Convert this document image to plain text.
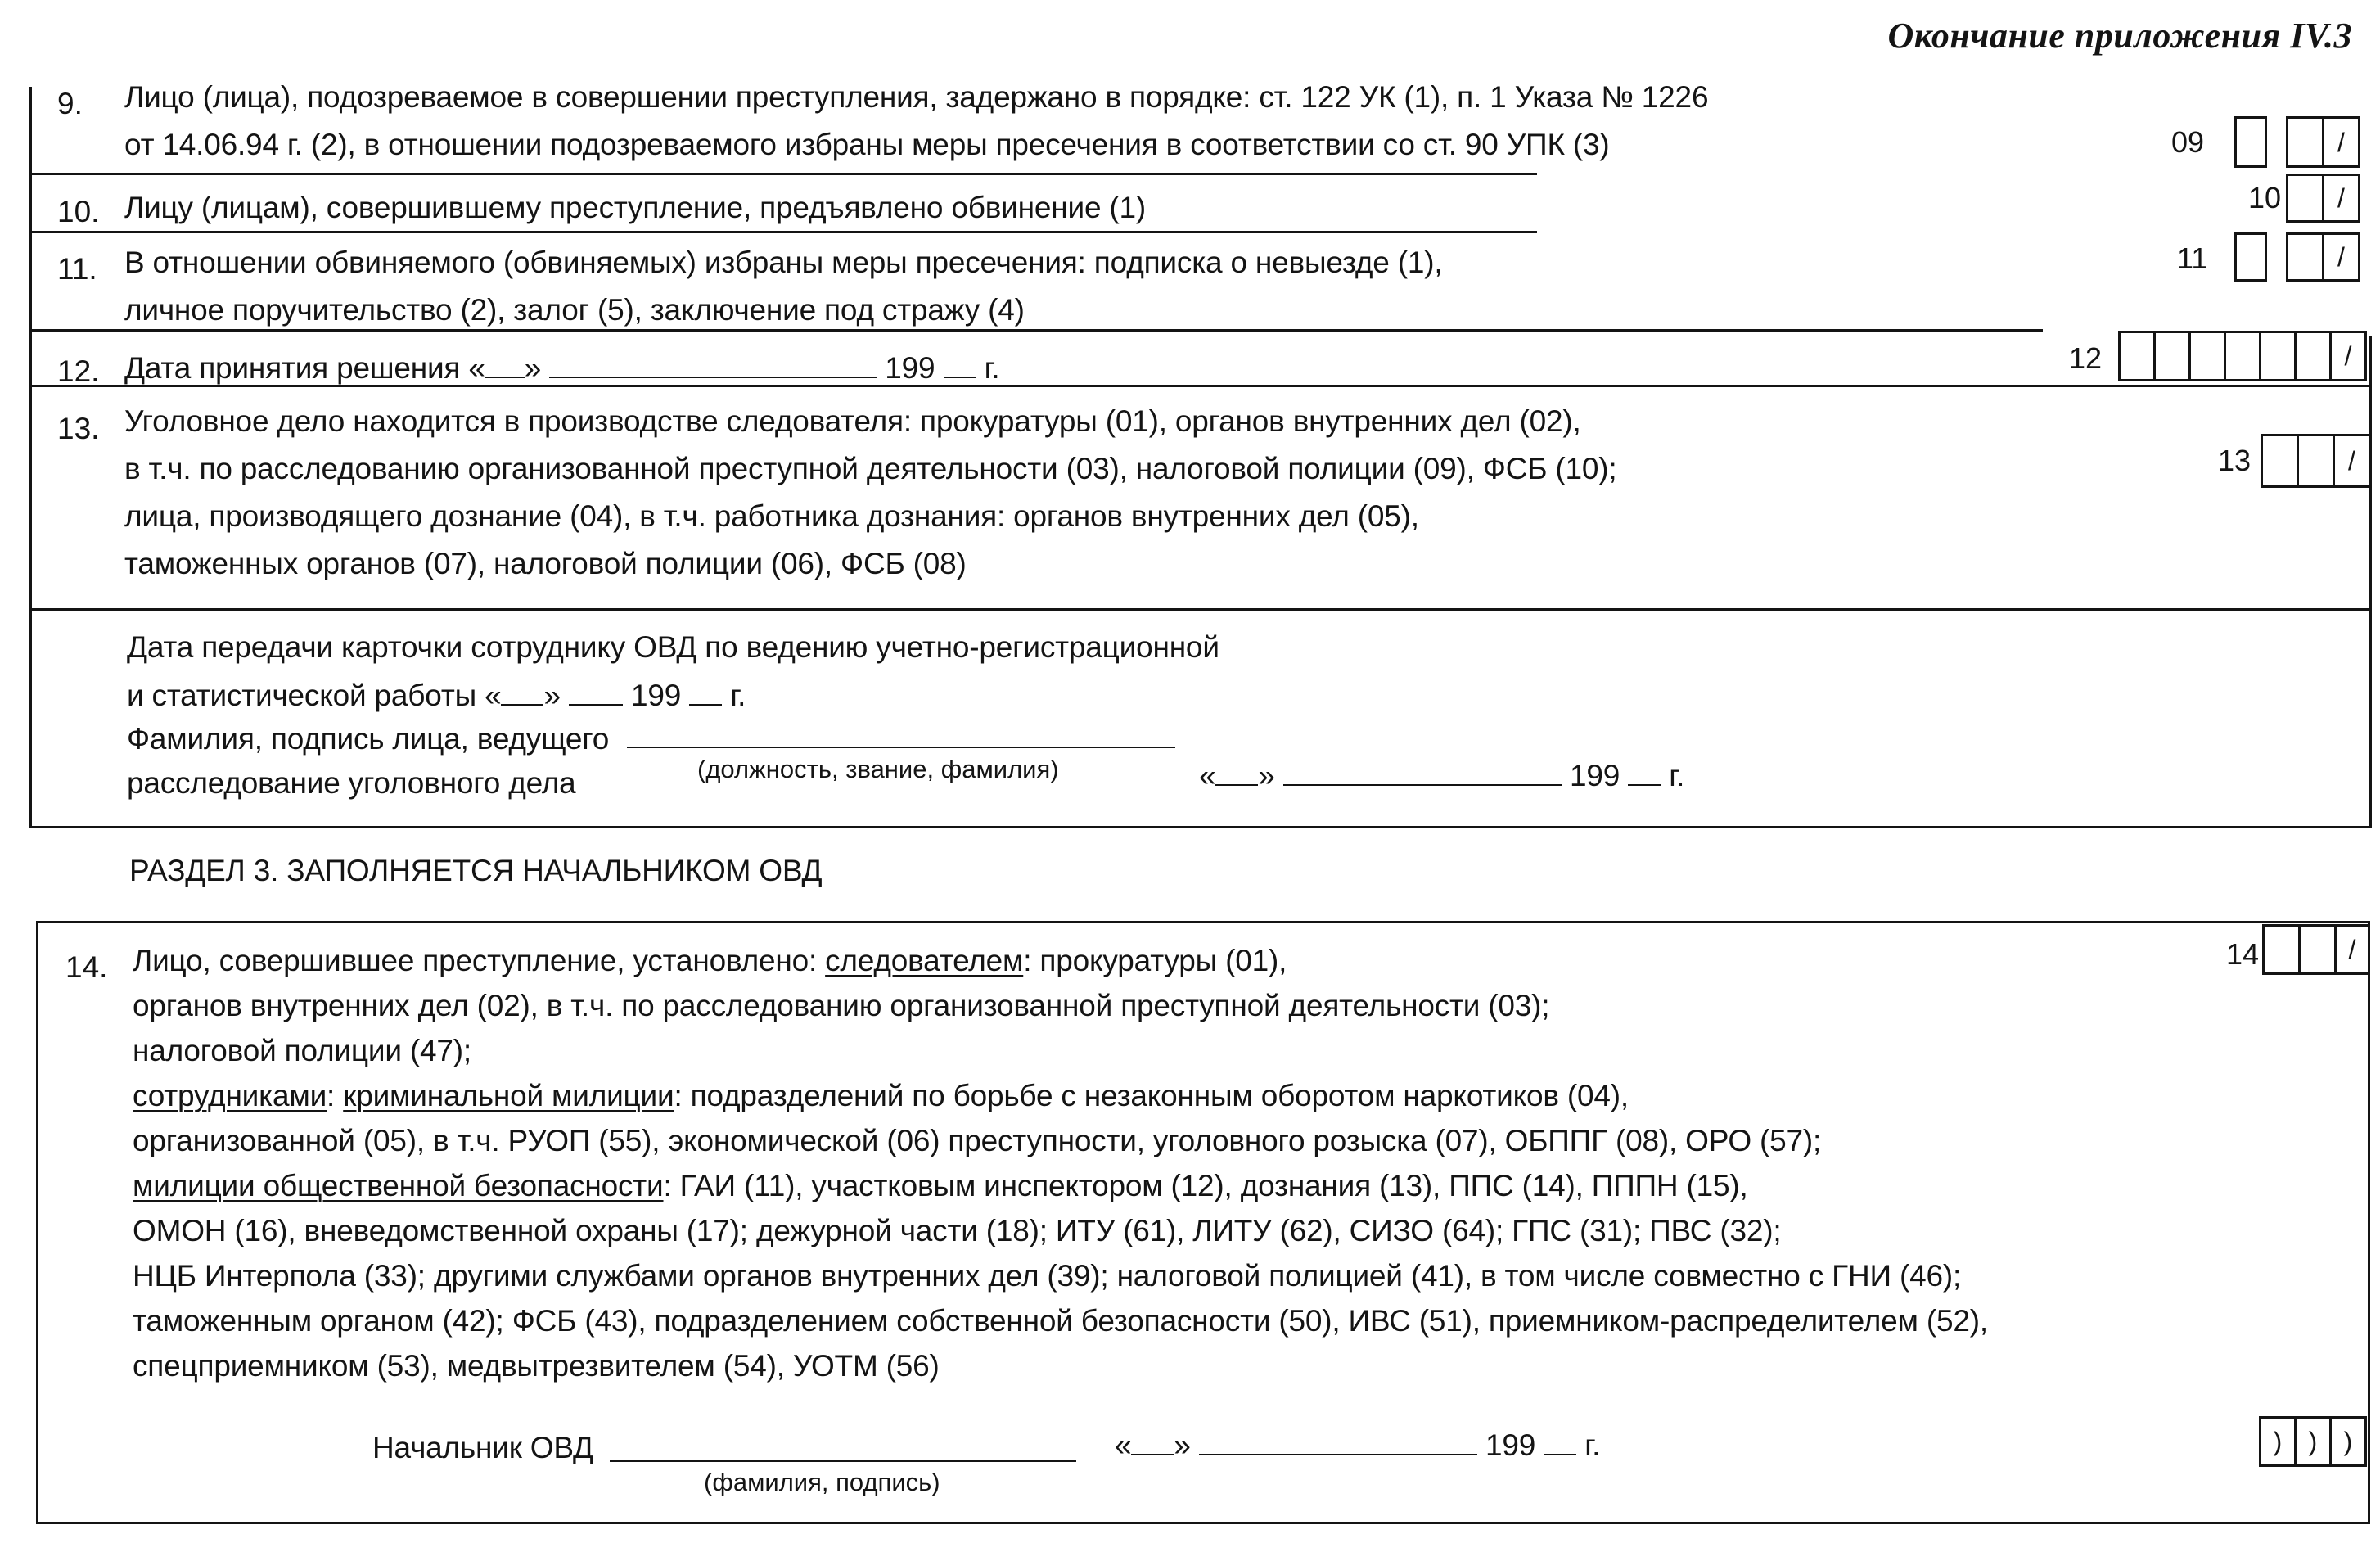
Окончание приложения IV.3
9. Лицо (лица), подозреваемое в совершении преступления, задержано в порядке: ст. 122 УК (1), п. 1 Указа № 1226
от 14.06.94 г. (2), в отношении подозреваемого избраны меры пресечения в соответствии со ст. 90 УПК (3)	09	/
10. Лицу (лицам), совершившему преступление, предъявлено обвинение (1)	10 /
11. В отношении обвиняемого (обвиняемых) избраны меры пресечения: подписка о невыезде (1),
личное поручительство (2), залог (5), заключение под стражу (4)
11	/
12. Дата принятия решения « »	199 г.	12	/
13. Уголовное дело находится в производстве следователя: прокуратуры (01), органов внутренних дел (02),
в т.ч. по расследованию организованной преступной деятельности (03), налоговой полиции (09), ФСБ (10);
лица, производящего дознание (04), в т.ч. работника дознания: органов внутренних дел (05),
таможенных органов (07), налоговой полиции (06), ФСБ (08)
13	/
Дата передачи карточки сотруднику ОВД по ведению учетно-регистрационной
и статистической работы « » 199 г.
Фамилия, подпись лица, ведущего
расследование уголовного дела	(должность, звание, фамилия)	« »	199 г.
РАЗДЕЛ 3. ЗАПОЛНЯЕТСЯ НАЧАЛЬНИКОМ ОВД
14. Лицо, совершившее преступление, установлено: следователем: прокуратуры (01),
органов внутренних дел (02), в т.ч. по расследованию организованной преступной деятельности (03);
налоговой полиции (47);
сотрудниками: криминальной милиции: подразделений по борьбе с незаконным оборотом наркотиков (04),
организованной (05), в т.ч. РУОП (55), экономической (06) преступности, уголовного розыска (07), ОБППГ (08), ОРО (57);
милиции общественной безопасности: ГАИ (11), участковым инспектором (12), дознания (13), ППС (14), ПППН (15),
ОМОН (16), вневедомственной охраны (17); дежурной части (18); ИТУ (61), ЛИТУ (62), СИЗО (64); ГПС (31); ПВС (32);
НЦБ Интерпола (33); другими службами органов внутренних дел (39); налоговой полицией (41), в том числе совместно с ГНИ (46);
таможенным органом (42); ФСБ (43), подразделением собственной безопасности (50), ИВС (51), приемником-распределителем (52),
спецприемником (53), медвытрезвителем (54), УОТМ (56)
14	/
Начальник ОВД
(фамилия, подпись)
« »	199 г.	) ) )
